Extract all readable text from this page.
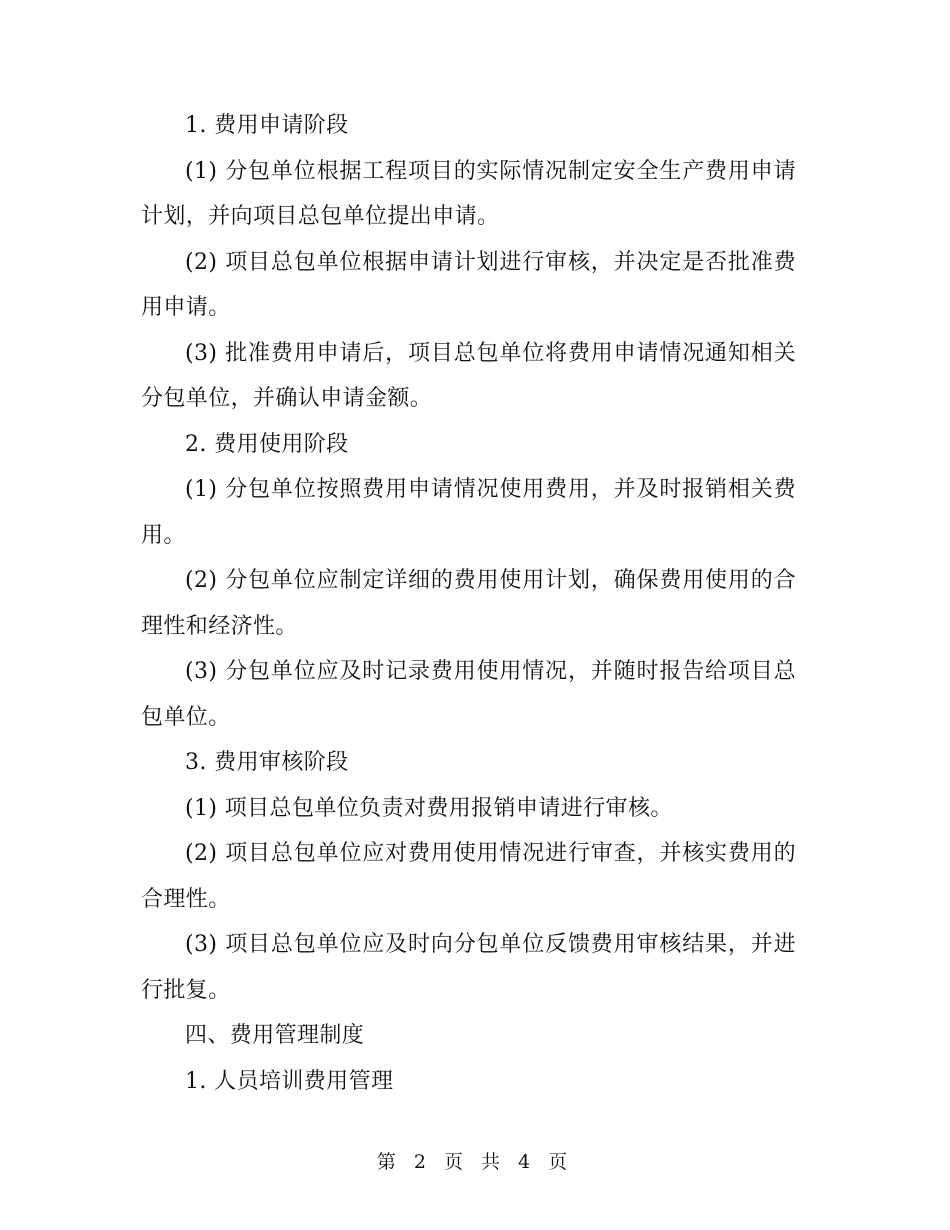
1. 费用申请阶段

(1) 分包单位根据工程项目的实际情况制定安全生产费用申请计划，并向项目总包单位提出申请。

(2) 项目总包单位根据申请计划进行审核，并决定是否批准费用申请。

(3) 批准费用申请后，项目总包单位将费用申请情况通知相关分包单位，并确认申请金额。

2. 费用使用阶段

(1) 分包单位按照费用申请情况使用费用，并及时报销相关费用。

(2) 分包单位应制定详细的费用使用计划，确保费用使用的合理性和经济性。

(3) 分包单位应及时记录费用使用情况，并随时报告给项目总包单位。

3. 费用审核阶段

(1) 项目总包单位负责对费用报销申请进行审核。

(2) 项目总包单位应对费用使用情况进行审查，并核实费用的合理性。

(3) 项目总包单位应及时向分包单位反馈费用审核结果，并进行批复。

四、费用管理制度

1. 人员培训费用管理

第 2 页 共 4 页
